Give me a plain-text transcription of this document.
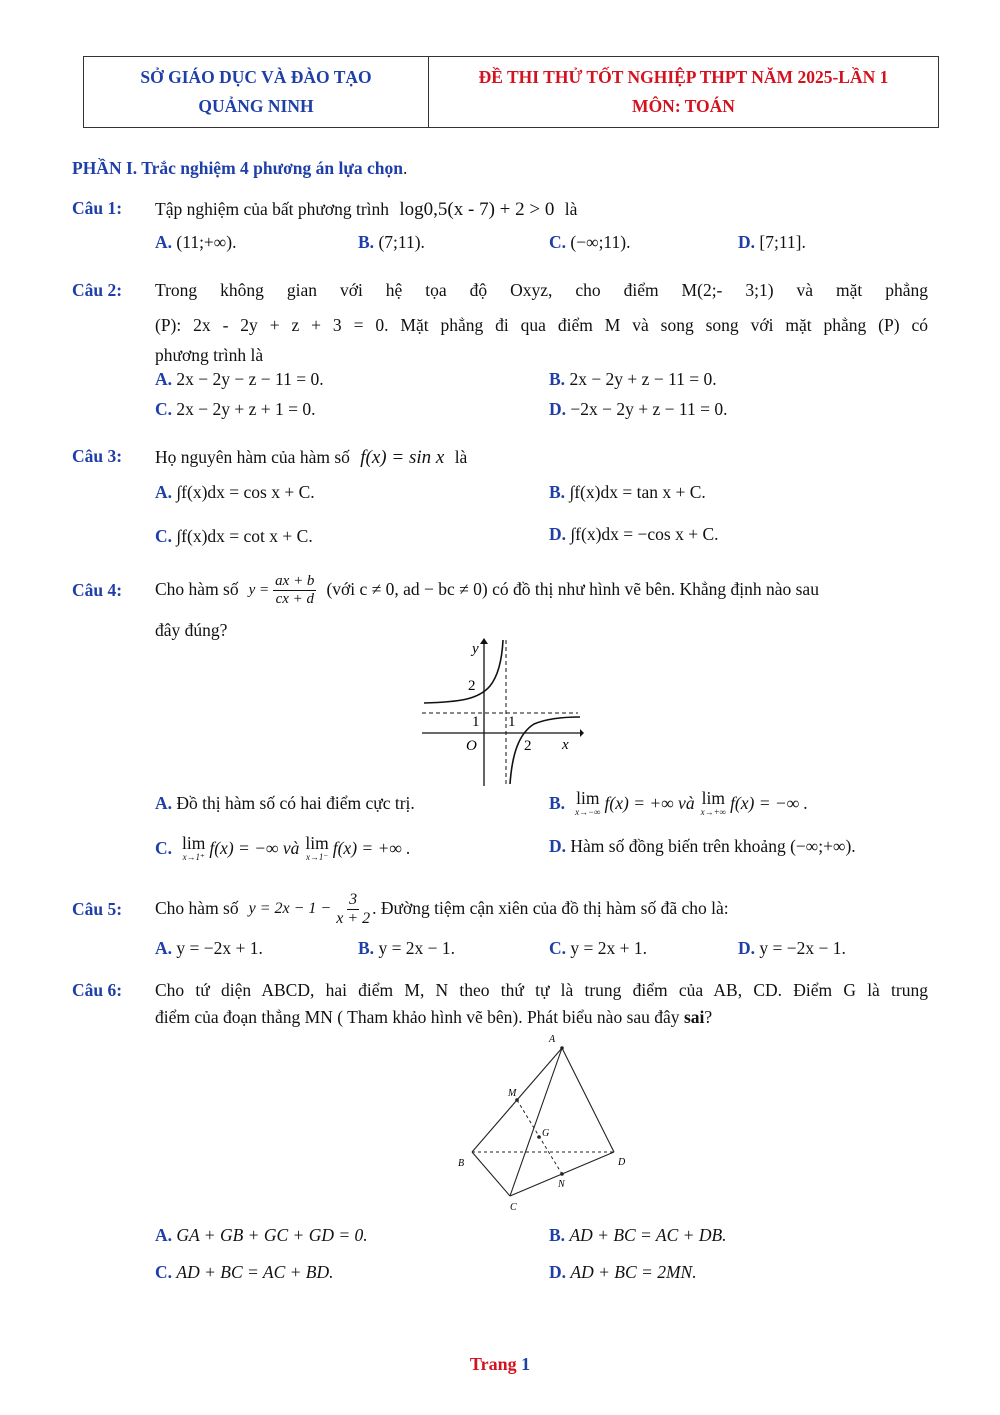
SỞ GIÁO DỤC VÀ ĐÀO TẠO
QUẢNG NINH
ĐỀ THI THỬ TỐT NGHIỆP THPT NĂM 2025-LẦN 1
MÔN: TOÁN
PHẦN I. Trắc nghiệm 4 phương án lựa chọn.
Câu 1: Tập nghiệm của bất phương trình log0,5(x - 7) + 2 > 0 là
A. (11;+∞).	B. (7;11).	C. (−∞;11).	D. [7;11].
Câu 2: Trong không gian với hệ tọa độ Oxyz, cho điểm M(2;- 3;1) và mặt phẳng
(P): 2x - 2y + z + 3 = 0. Mặt phẳng đi qua điểm M và song song với mặt phẳng (P) có
phương trình là
A. 2x − 2y − z − 11 = 0.	B. 2x − 2y + z − 11 = 0.
C. 2x − 2y + z + 1 = 0.	D. −2x − 2y + z − 11 = 0.
Câu 3: Họ nguyên hàm của hàm số f(x) = sin x là
A. ∫f(x)dx = cos x + C.	B. ∫f(x)dx = tan x + C.
C. ∫f(x)dx = cot x + C.	D. ∫f(x)dx = −cos x + C.
Câu 4: Cho hàm số $y = \frac{ax + b}{cx + d}$ (với c ≠ 0, ad − bc ≠ 0) có đồ thị như hình vẽ bên. Khẳng định nào sau
đây đúng?
y
x
O
2
1 1
2
A. Đồ thị hàm số có hai điểm cực trị.	B. lim
x→−∞ f(x) = +∞ và lim
x→+∞ f(x) = −∞ .
C. lim
x→1⁺ f(x) = −∞ và lim
x→1⁻ f(x) = +∞ .	D. Hàm số đồng biến trên khoảng (−∞;+∞).
Câu 5: Cho hàm số $y = 2x - 1 - \frac{3}{x + 2}$ . Đường tiệm cận xiên của đồ thị hàm số đã cho là:
A. y = −2x + 1.	B. y = 2x − 1.	C. y = 2x + 1.	D. y = −2x − 1.
Câu 6: Cho tứ diện ABCD, hai điểm M, N theo thứ tự là trung điểm của AB, CD. Điểm G là trung
điểm của đoạn thẳng MN ( Tham khảo hình vẽ bên). Phát biểu nào sau đây sai?
A
B
C
D
M
G
N
A. GA + GB + GC + GD = 0.	B. AD + BC = AC + DB.
C. AD + BC = AC + BD.	D. AD + BC = 2MN.
Trang 1
